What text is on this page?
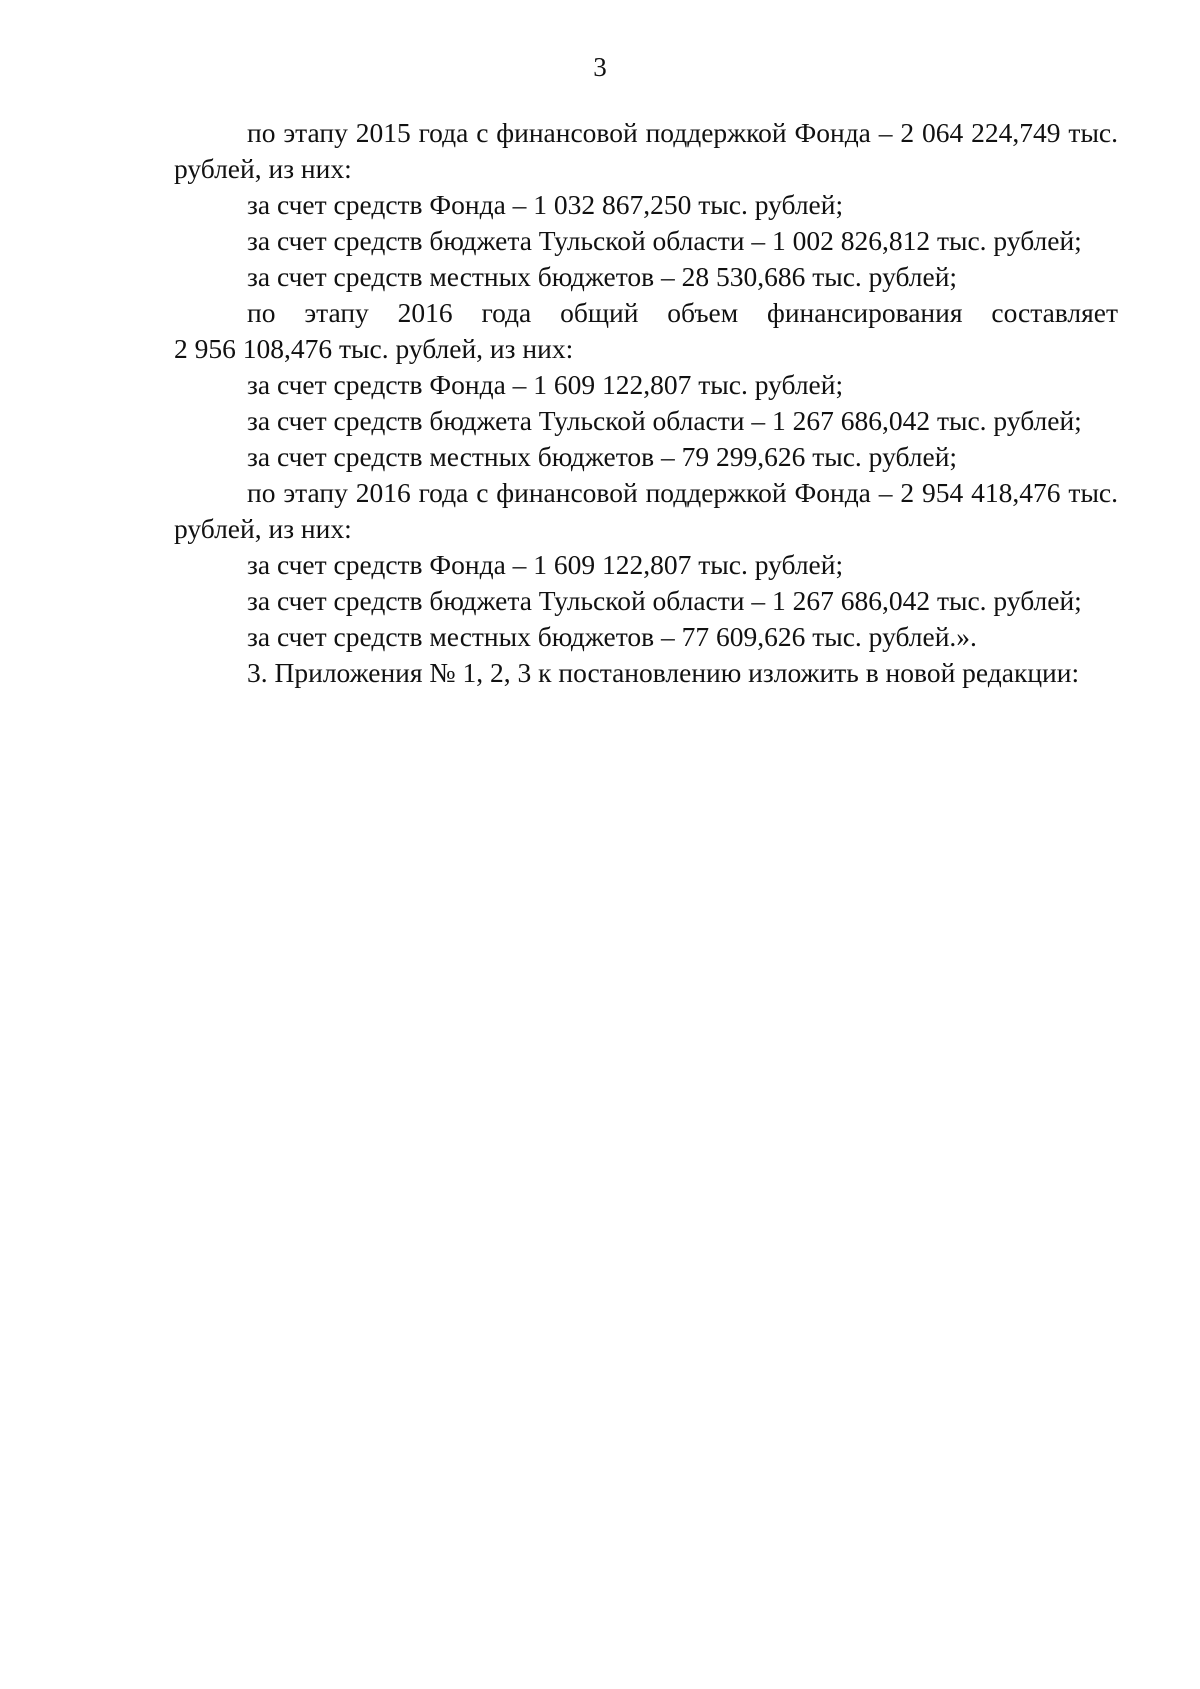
3

по этапу 2015 года с финансовой поддержкой Фонда – 2 064 224,749 тыс.

рублей, из них:

за счет средств Фонда – 1 032 867,250 тыс. рублей;

за счет средств бюджета Тульской области – 1 002 826,812 тыс. рублей;

за счет средств местных бюджетов – 28 530,686 тыс. рублей;

по этапу 2016 года общий объем финансирования составляет

2 956 108,476 тыс. рублей, из них:

за счет средств Фонда – 1 609 122,807 тыс. рублей;

за счет средств бюджета Тульской области – 1 267 686,042 тыс. рублей;

за счет средств местных бюджетов – 79 299,626 тыс. рублей;

по этапу 2016 года с финансовой поддержкой Фонда – 2 954 418,476 тыс.

рублей, из них:

за счет средств Фонда – 1 609 122,807 тыс. рублей;

за счет средств бюджета Тульской области – 1 267 686,042 тыс. рублей;

за счет средств местных бюджетов – 77 609,626 тыс. рублей.».

3. Приложения № 1, 2, 3 к постановлению изложить в новой редакции:
